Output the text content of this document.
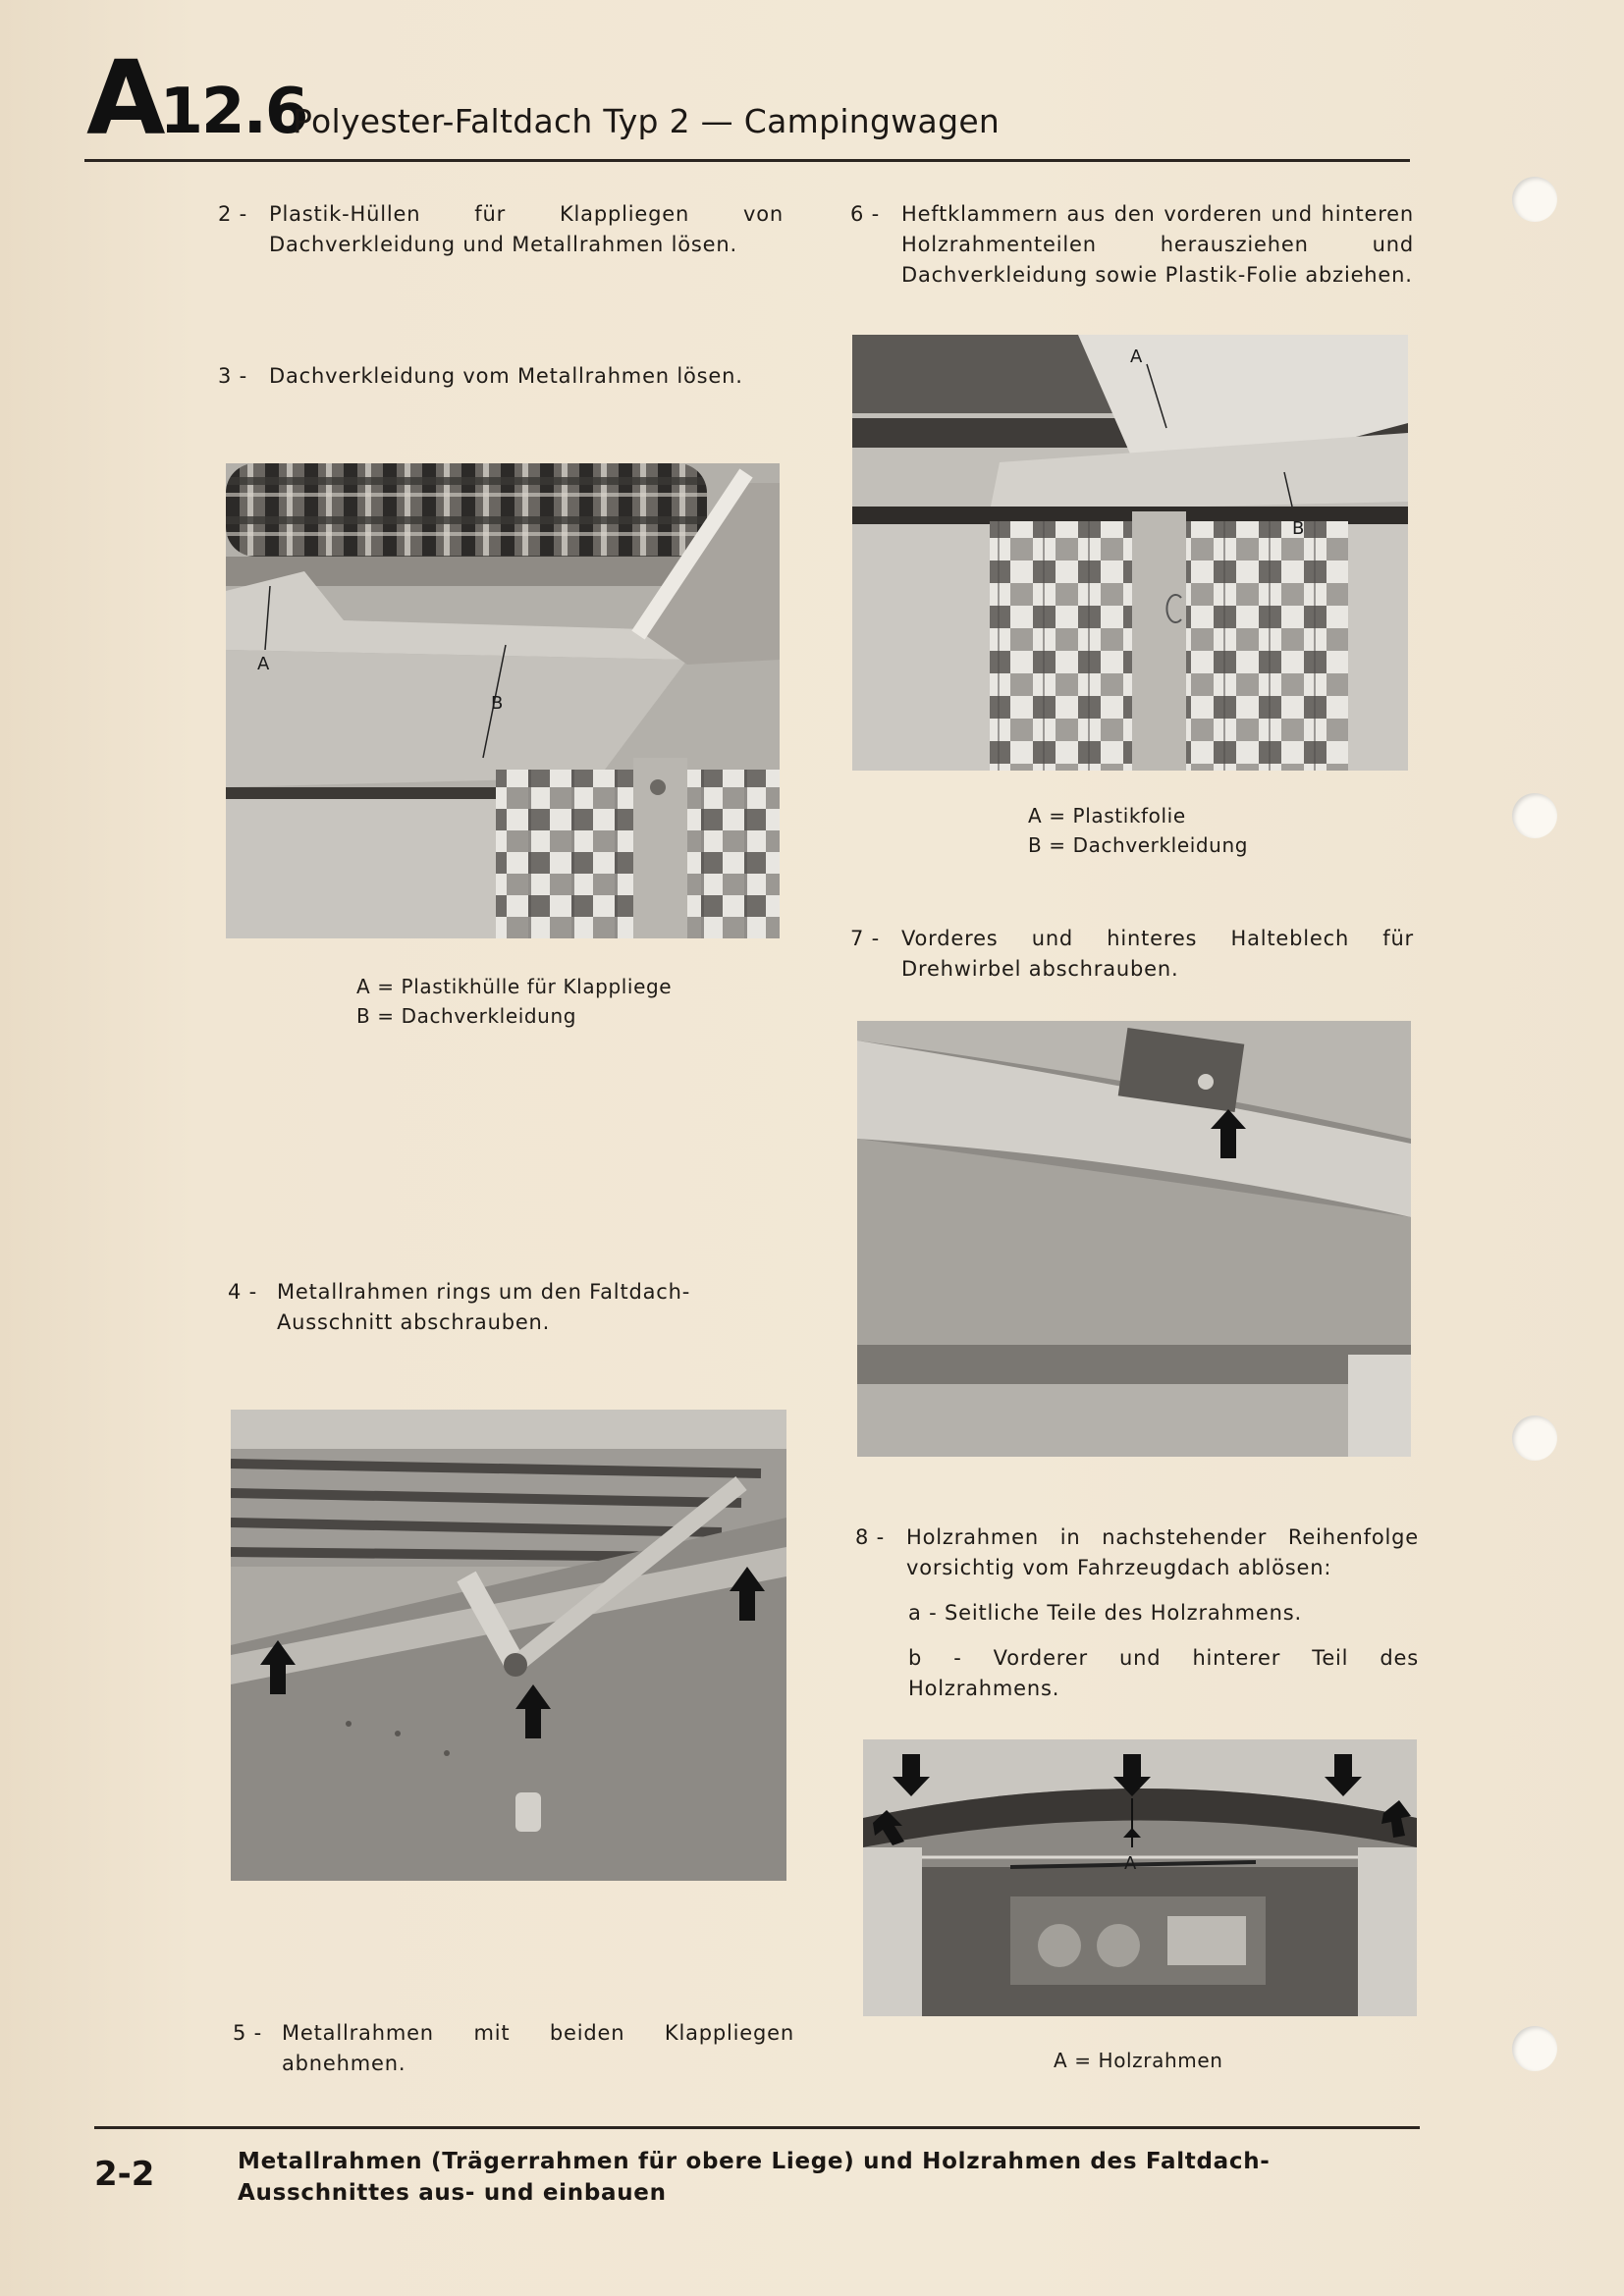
A
12.6
Polyester-Faltdach Typ 2 — Campingwagen
2 - Plastik-Hüllen für Klappliegen von Dachverkleidung und Metallrahmen lösen.
3 - Dachverkleidung vom Metallrahmen lösen.
A
B
A = Plastikhülle für Klappliege
B = Dachverkleidung
4 - Metallrahmen rings um den Faltdach-Ausschnitt abschrauben.
5 - Metallrahmen mit beiden Klappliegen abnehmen.
6 - Heftklammern aus den vorderen und hinteren Holzrahmenteilen herausziehen und Dachverkleidung sowie Plastik-Folie abziehen.
A
B
A = Plastikfolie
B = Dachverkleidung
7 - Vorderes und hinteres Halteblech für Drehwirbel abschrauben.
8 - Holzrahmen in nachstehender Reihenfolge vorsichtig vom Fahrzeugdach ablösen:
a - Seitliche Teile des Holzrahmens.
b - Vorderer und hinterer Teil des Holzrahmens.
A
A = Holzrahmen
2-2	Metallrahmen (Trägerrahmen für obere Liege) und Holzrahmen des Faltdach-Ausschnittes aus- und einbauen
